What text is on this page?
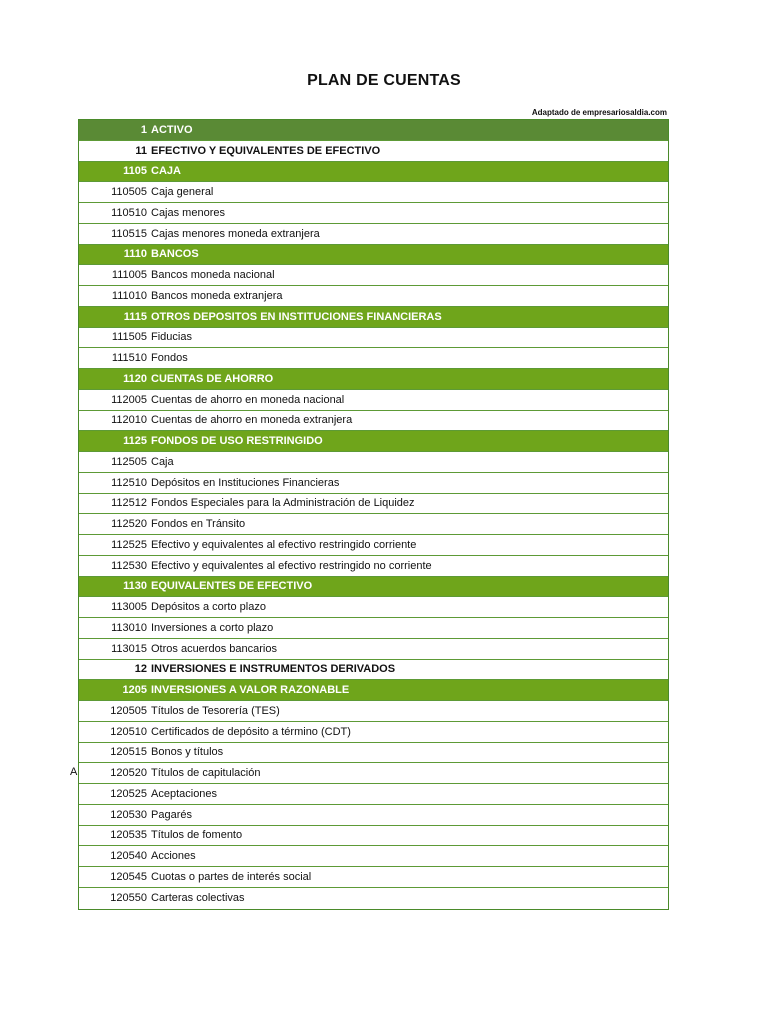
PLAN DE CUENTAS
Adaptado de empresariosaldia.com
A
1 ACTIVO
11 EFECTIVO Y EQUIVALENTES DE EFECTIVO
1105 CAJA
110505 Caja general
110510 Cajas menores
110515 Cajas menores moneda extranjera
1110 BANCOS
111005 Bancos moneda nacional
111010 Bancos moneda extranjera
1115 OTROS DEPOSITOS EN INSTITUCIONES FINANCIERAS
111505 Fiducias
111510 Fondos
1120 CUENTAS DE AHORRO
112005 Cuentas de ahorro en moneda nacional
112010 Cuentas de ahorro en moneda extranjera
1125 FONDOS DE USO RESTRINGIDO
112505 Caja
112510 Depósitos en Instituciones Financieras
112512 Fondos Especiales para la Administración de Liquidez
112520 Fondos en Tránsito
112525 Efectivo y equivalentes al efectivo restringido corriente
112530 Efectivo y equivalentes al efectivo restringido no corriente
1130 EQUIVALENTES DE EFECTIVO
113005 Depósitos a corto plazo
113010 Inversiones a corto plazo
113015 Otros acuerdos bancarios
12 INVERSIONES E INSTRUMENTOS DERIVADOS
1205 INVERSIONES A VALOR RAZONABLE
120505 Títulos de Tesorería (TES)
120510 Certificados de depósito a término (CDT)
120515 Bonos y títulos
120520 Títulos de capitulación
120525 Aceptaciones
120530 Pagarés
120535 Títulos de fomento
120540 Acciones
120545 Cuotas o partes de interés social
120550 Carteras colectivas
